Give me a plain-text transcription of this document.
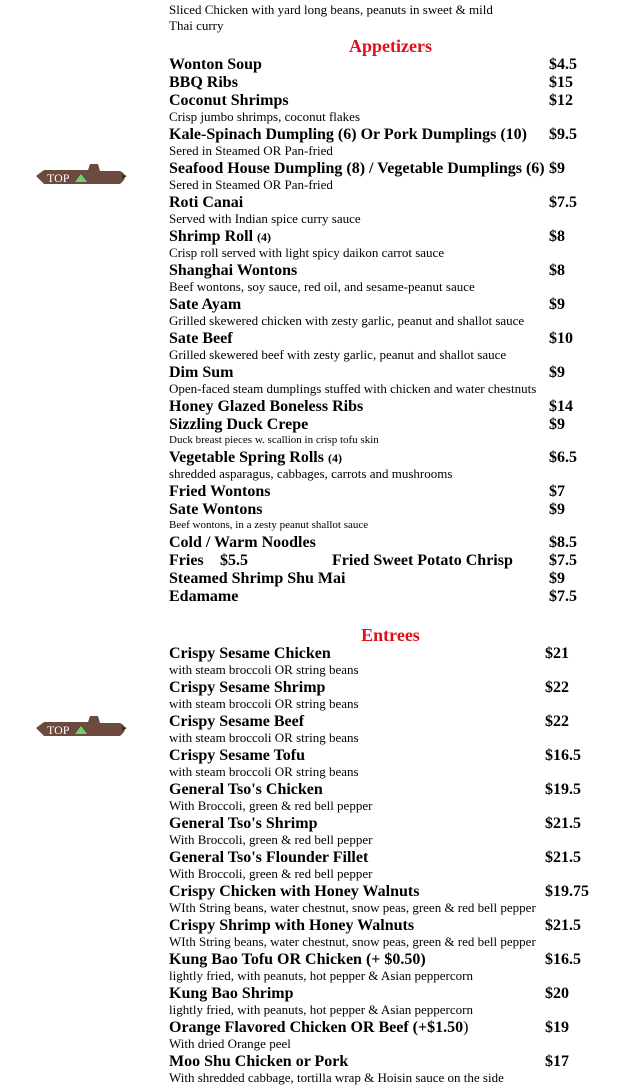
Sliced Chicken with yard long beans, peanuts in sweet & mild
Thai curry
TOP
TOP
Appetizers
Wonton Soup	$4.5
BBQ Ribs	$15
Coconut Shrimps	$12
Crisp jumbo shrimps, coconut flakes
Kale-Spinach Dumpling (6) Or Pork Dumplings (10) $9.5
Sered in Steamed OR Pan-fried
Seafood House Dumpling (8) / Vegetable Dumplings (6) $9
Sered in Steamed OR Pan-fried
Roti Canai	$7.5
Served with Indian spice curry sauce
Shrimp Roll (4)	$8
Crisp roll served with light spicy daikon carrot sauce
Shanghai Wontons	$8
Beef wontons, soy sauce, red oil, and sesame-peanut sauce
Sate Ayam	$9
Grilled skewered chicken with zesty garlic, peanut and shallot sauce
Sate Beef	$10
Grilled skewered beef with zesty garlic, peanut and shallot sauce
Dim Sum	$9
Open-faced steam dumplings stuffed with chicken and water chestnuts
Honey Glazed Boneless Ribs	$14
Sizzling Duck Crepe	$9
Duck breast pieces w. scallion in crisp tofu skin
Vegetable Spring Rolls (4)	$6.5
shredded asparagus, cabbages, carrots and mushrooms
Fried Wontons	$7
Sate Wontons	$9
Beef wontons, in a zesty peanut shallot sauce
Cold / Warm Noodles	$8.5
Fries $5.5	Fried Sweet Potato Chrisp $7.5
Steamed Shrimp Shu Mai	$9
Edamame	$7.5
Entrees
Crispy Sesame Chicken	$21
with steam broccoli OR string beans
Crispy Sesame Shrimp	$22
with steam broccoli OR string beans
Crispy Sesame Beef	$22
with steam broccoli OR string beans
Crispy Sesame Tofu	$16.5
with steam broccoli OR string beans
General Tso's Chicken	$19.5
With Broccoli, green & red bell pepper
General Tso's Shrimp	$21.5
With Broccoli, green & red bell pepper
General Tso's Flounder Fillet	$21.5
With Broccoli, green & red bell pepper
Crispy Chicken with Honey Walnuts	$19.75
WIth String beans, water chestnut, snow peas, green & red bell pepper
Crispy Shrimp with Honey Walnuts	$21.5
WIth String beans, water chestnut, snow peas, green & red bell pepper
Kung Bao Tofu OR Chicken (+ $0.50)	$16.5
lightly fried, with peanuts, hot pepper & Asian peppercorn
Kung Bao Shrimp	$20
lightly fried, with peanuts, hot pepper & Asian peppercorn
Orange Flavored Chicken OR Beef (+$1.50)	$19
With dried Orange peel
Moo Shu Chicken or Pork	$17
With shredded cabbage, tortilla wrap & Hoisin sauce on the side
